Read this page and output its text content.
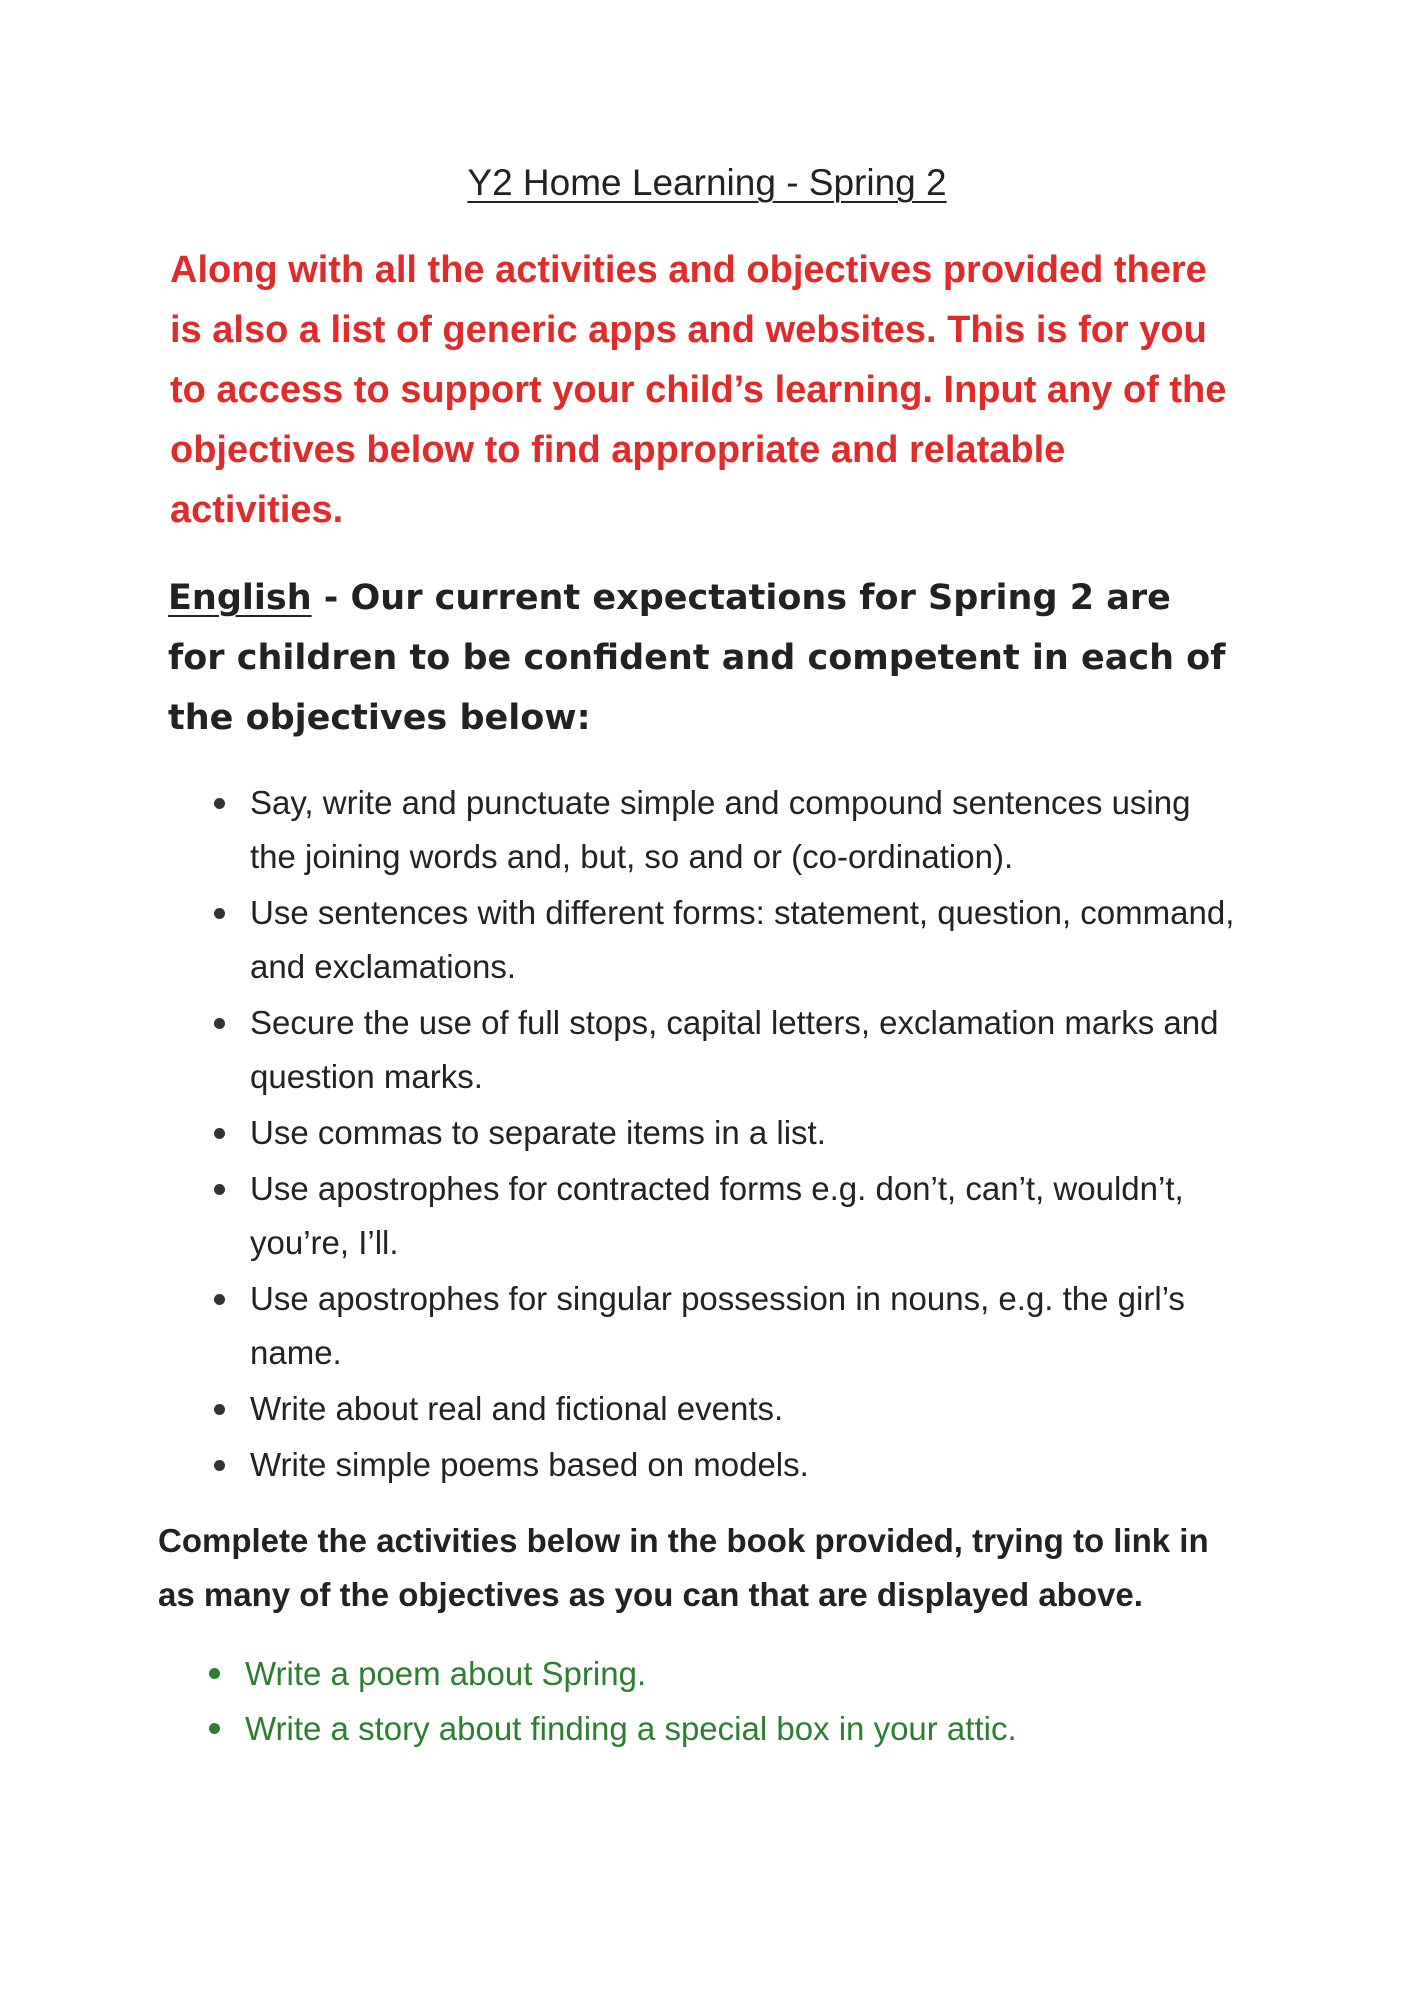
Y2 Home Learning - Spring 2
Along with all the activities and objectives provided there is also a list of generic apps and websites. This is for you to access to support your child’s learning. Input any of the objectives below to find appropriate and relatable activities.
English - Our current expectations for Spring 2 are for children to be confident and competent in each of the objectives below:
Say, write and punctuate simple and compound sentences using the joining words and, but, so and or (co-ordination).
Use sentences with different forms: statement, question, command, and exclamations.
Secure the use of full stops, capital letters, exclamation marks and question marks.
Use commas to separate items in a list.
Use apostrophes for contracted forms e.g. don’t, can’t, wouldn’t, you’re, I’ll.
Use apostrophes for singular possession in nouns, e.g. the girl’s name.
Write about real and fictional events.
Write simple poems based on models.
Complete the activities below in the book provided, trying to link in as many of the objectives as you can that are displayed above.
Write a poem about Spring.
Write a story about finding a special box in your attic.
